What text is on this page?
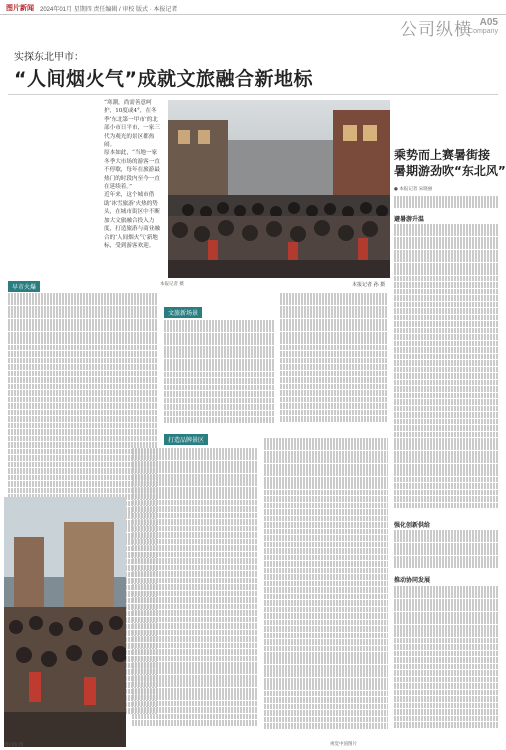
图片新闻 2024年01月 星期四 责任编辑 / 审校 版式 · 本报记者
公司纵横 A05
Company
实探东北甲市：
“人间烟火气”成就文旅融合新地标

“寒潮，尚需善意呵护，10度或4°，在冬季‘东北第一甲市’的北部小市日平市，一家三代为观光的景区都热闹。

原本如此，“当地一家冬季大市场的游客一直不停歇，每年在旅游最热门的时段内至今一直在延续着。”

近年来，这个城市借助‘冰雪旅游’火热的势头，在城市街区中不断加大文旅融合投入力度，打造旅游与商业融合的‘人间烟火气’新地标，受到游客欢迎。

本报记者 摄	本报记者 孙 摄
乘势而上赛暑街接
暑期游劲吹“东北风”
● 本报记者 宋晓丽
早市火爆
文旅新场景
打造品牌景区
避暑游升温
强化创新供给
推动协同发展
资料图 摄	视觉中国图片
